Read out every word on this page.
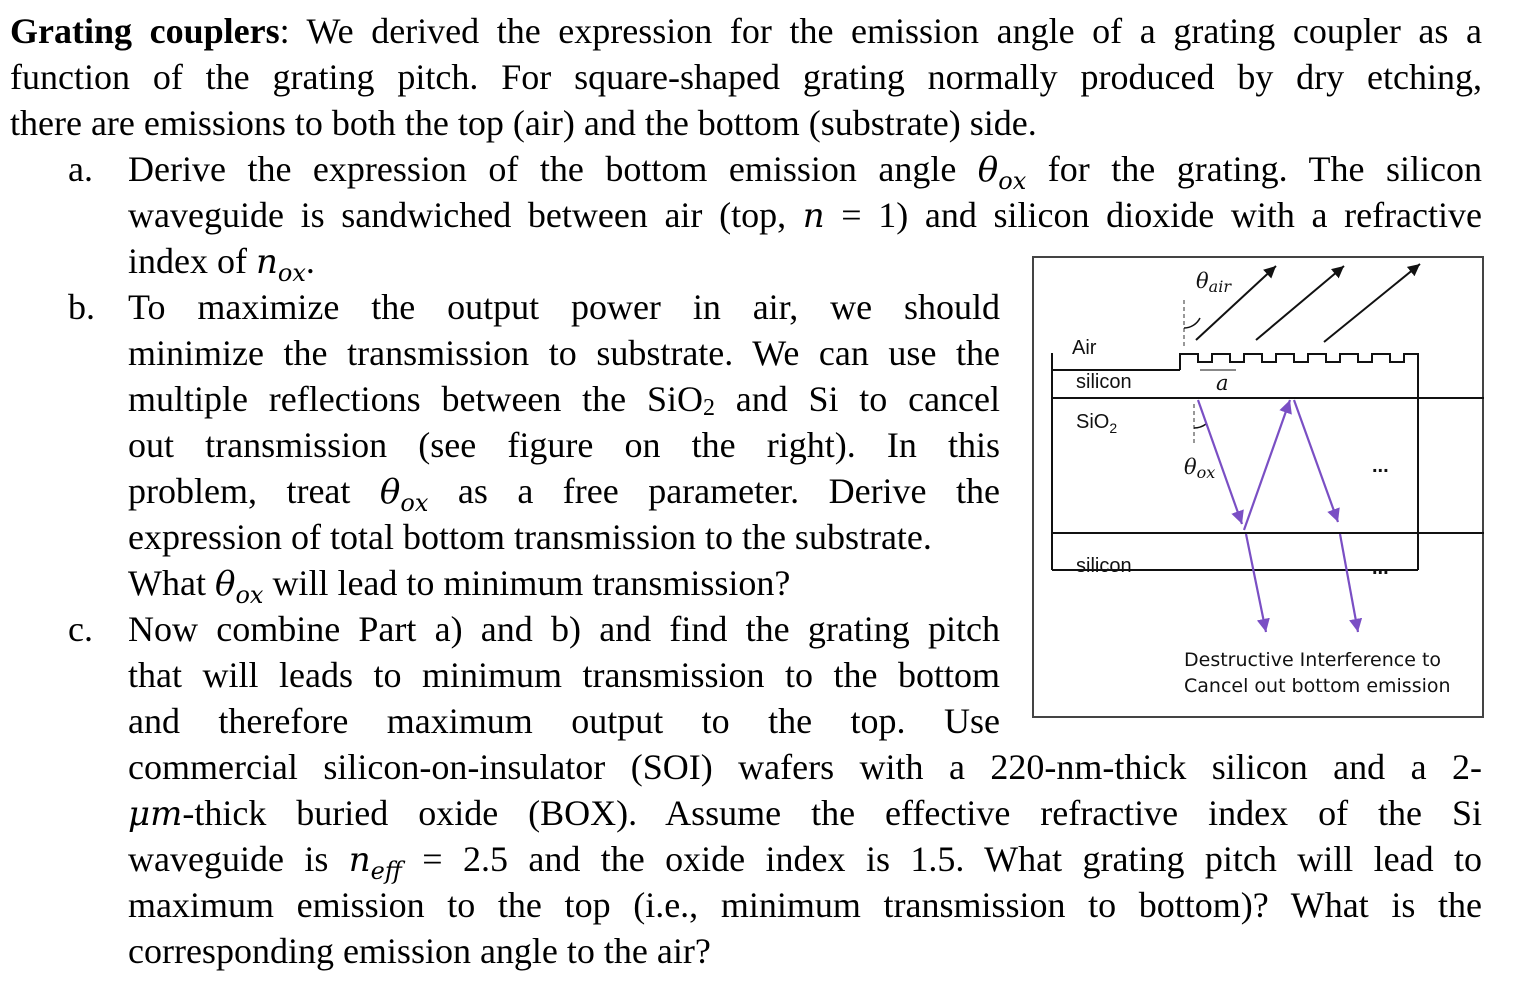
Grating couplers: We derived the expression for the emission angle of a grating coupler as a
function of the grating pitch. For square-shaped grating normally produced by dry etching,
there are emissions to both the top (air) and the bottom (substrate) side.
a. Derive the expression of the bottom emission angle $\theta_{ox}$ for the grating. The silicon
waveguide is sandwiched between air (top, n = 1) and silicon dioxide with a refractive
index of $n_{ox}$.
b. To maximize the output power in air, we should
minimize the transmission to substrate. We can use the
multiple reflections between the SiO$_2$ and Si to cancel
out transmission (see figure on the right). In this
problem, treat $\theta_{ox}$ as a free parameter. Derive the
expression of total bottom transmission to the substrate.
What $\theta_{ox}$ will lead to minimum transmission?
c. Now combine Part a) and b) and find the grating pitch
that will leads to minimum transmission to the bottom
and therefore maximum output to the top. Use
commercial silicon-on-insulator (SOI) wafers with a 220-nm-thick silicon and a 2-
μm-thick buried oxide (BOX). Assume the effective refractive index of the Si
waveguide is $n_{eff} = 2.5$ and the oxide index is 1.5. What grating pitch will lead to
maximum emission to the top (i.e., minimum transmission to bottom)? What is the
corresponding emission angle to the air?
Air
silicon
SiO$_2$
silicon
θair
θox
a
...
...
Destructive Interference to
Cancel out bottom emission
